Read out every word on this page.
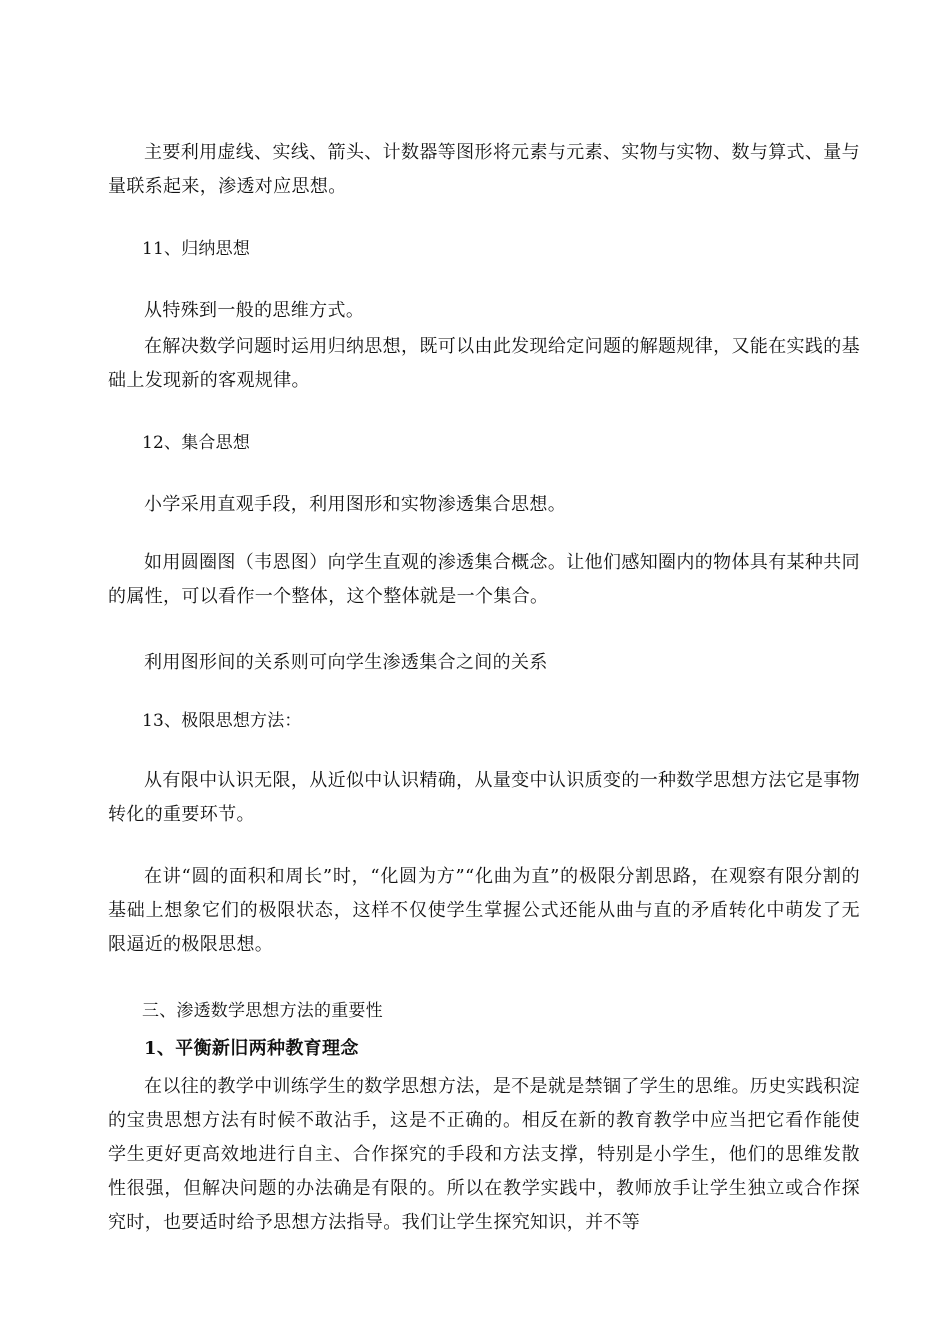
主要利用虚线、实线、箭头、计数器等图形将元素与元素、实物与实物、数与算式、量与量联系起来，渗透对应思想。

11、归纳思想

从特殊到一般的思维方式。

在解决数学问题时运用归纳思想，既可以由此发现给定问题的解题规律，又能在实践的基础上发现新的客观规律。

12、集合思想

小学采用直观手段，利用图形和实物渗透集合思想。

如用圆圈图（韦恩图）向学生直观的渗透集合概念。让他们感知圈内的物体具有某种共同的属性，可以看作一个整体，这个整体就是一个集合。

利用图形间的关系则可向学生渗透集合之间的关系

13、极限思想方法：

从有限中认识无限，从近似中认识精确，从量变中认识质变的一种数学思想方法它是事物转化的重要环节。

在讲“圆的面积和周长”时，“化圆为方”“化曲为直”的极限分割思路，在观察有限分割的基础上想象它们的极限状态，这样不仅使学生掌握公式还能从曲与直的矛盾转化中萌发了无限逼近的极限思想。

三、渗透数学思想方法的重要性

1、平衡新旧两种教育理念

在以往的教学中训练学生的数学思想方法，是不是就是禁锢了学生的思维。历史实践积淀的宝贵思想方法有时候不敢沾手，这是不正确的。相反在新的教育教学中应当把它看作能使学生更好更高效地进行自主、合作探究的手段和方法支撑，特别是小学生，他们的思维发散性很强，但解决问题的办法确是有限的。所以在教学实践中，教师放手让学生独立或合作探究时，也要适时给予思想方法指导。我们让学生探究知识，并不等
